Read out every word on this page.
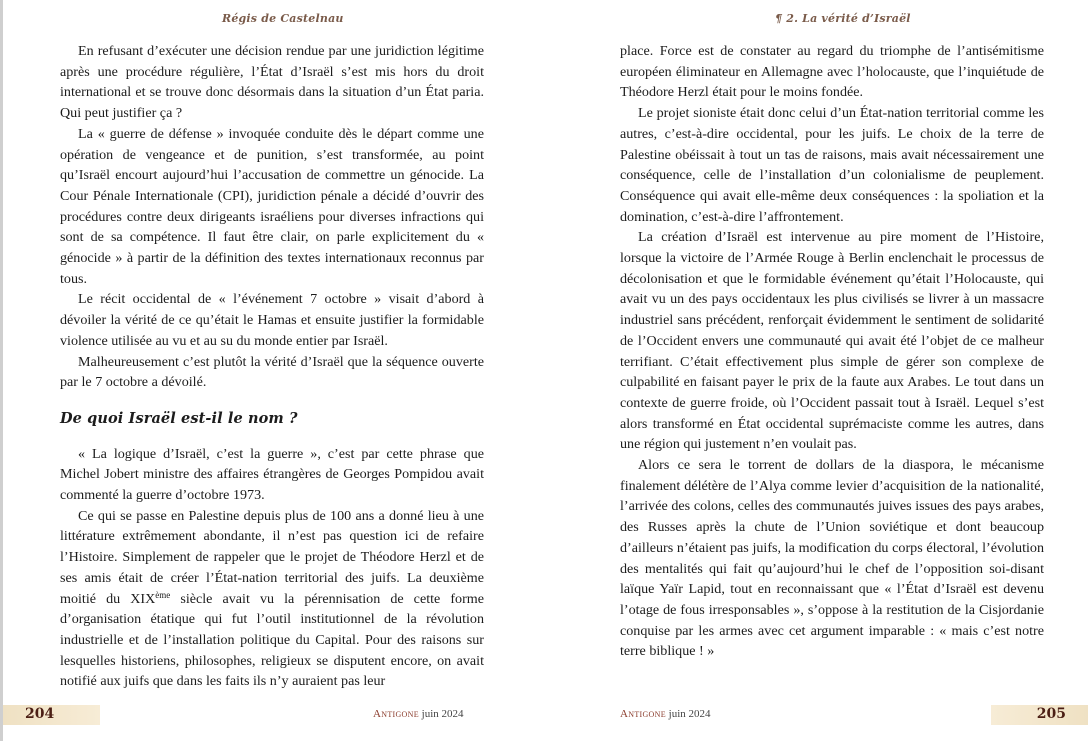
Régis de Castelnau

En refusant d’exécuter une décision rendue par une juridiction légitime après une procédure régulière, l’État d’Israël s’est mis hors du droit international et se trouve donc désormais dans la situation d’un État paria. Qui peut justifier ça ?

La « guerre de défense » invoquée conduite dès le départ comme une opération de vengeance et de punition, s’est transformée, au point qu’Israël encourt aujourd’hui l’accusation de commettre un génocide. La Cour Pénale Internationale (CPI), juridiction pénale a décidé d’ouvrir des procédures contre deux dirigeants israéliens pour diverses infractions qui sont de sa compétence. Il faut être clair, on parle explicitement du « génocide » à partir de la définition des textes internationaux reconnus par tous.

Le récit occidental de « l’événement 7 octobre » visait d’abord à dévoiler la vérité de ce qu’était le Hamas et ensuite justifier la formidable violence utilisée au vu et au su du monde entier par Israël.

Malheureusement c’est plutôt la vérité d’Israël que la séquence ouverte par le 7 octobre a dévoilé.

De quoi Israël est-il le nom ?

« La logique d’Israël, c’est la guerre », c’est par cette phrase que Michel Jobert ministre des affaires étrangères de Georges Pompidou avait commenté la guerre d’octobre 1973.

Ce qui se passe en Palestine depuis plus de 100 ans a donné lieu à une littérature extrêmement abondante, il n’est pas question ici de refaire l’Histoire. Simplement de rappeler que le projet de Théodore Herzl et de ses amis était de créer l’État-nation territorial des juifs. La deuxième moitié du XIXème siècle avait vu la pérennisation de cette forme d’organisation étatique qui fut l’outil institutionnel de la révolution industrielle et de l’installation politique du Capital. Pour des raisons sur lesquelles historiens, philosophes, religieux se disputent encore, on avait notifié aux juifs que dans les faits ils n’y auraient pas leur

204	Antigone juin 2024
¶ 2. La vérité d’Israël

place. Force est de constater au regard du triomphe de l’antisémitisme européen éliminateur en Allemagne avec l’holocauste, que l’inquiétude de Théodore Herzl était pour le moins fondée.

Le projet sioniste était donc celui d’un État-nation territorial comme les autres, c’est-à-dire occidental, pour les juifs. Le choix de la terre de Palestine obéissait à tout un tas de raisons, mais avait nécessairement une conséquence, celle de l’installation d’un colonialisme de peuplement. Conséquence qui avait elle-même deux conséquences : la spoliation et la domination, c’est-à-dire l’affrontement.

La création d’Israël est intervenue au pire moment de l’Histoire, lorsque la victoire de l’Armée Rouge à Berlin enclenchait le processus de décolonisation et que le formidable événement qu’était l’Holocauste, qui avait vu un des pays occidentaux les plus civilisés se livrer à un massacre industriel sans précédent, renforçait évidemment le sentiment de solidarité de l’Occident envers une communauté qui avait été l’objet de ce malheur terrifiant. C’était effectivement plus simple de gérer son complexe de culpabilité en faisant payer le prix de la faute aux Arabes. Le tout dans un contexte de guerre froide, où l’Occident passait tout à Israël. Lequel s’est alors transformé en État occidental suprémaciste comme les autres, dans une région qui justement n’en voulait pas.

Alors ce sera le torrent de dollars de la diaspora, le mécanisme finalement délétère de l’Alya comme levier d’acquisition de la nationalité, l’arrivée des colons, celles des communautés juives issues des pays arabes, des Russes après la chute de l’Union soviétique et dont beaucoup d’ailleurs n’étaient pas juifs, la modification du corps électoral, l’évolution des mentalités qui fait qu’aujourd’hui le chef de l’opposition soi-disant laïque Yaïr Lapid, tout en reconnaissant que « l’État d’Israël est devenu l’otage de fous irresponsables », s’oppose à la restitution de la Cisjordanie conquise par les armes avec cet argument imparable : « mais c’est notre terre biblique ! »

Antigone juin 2024	205
